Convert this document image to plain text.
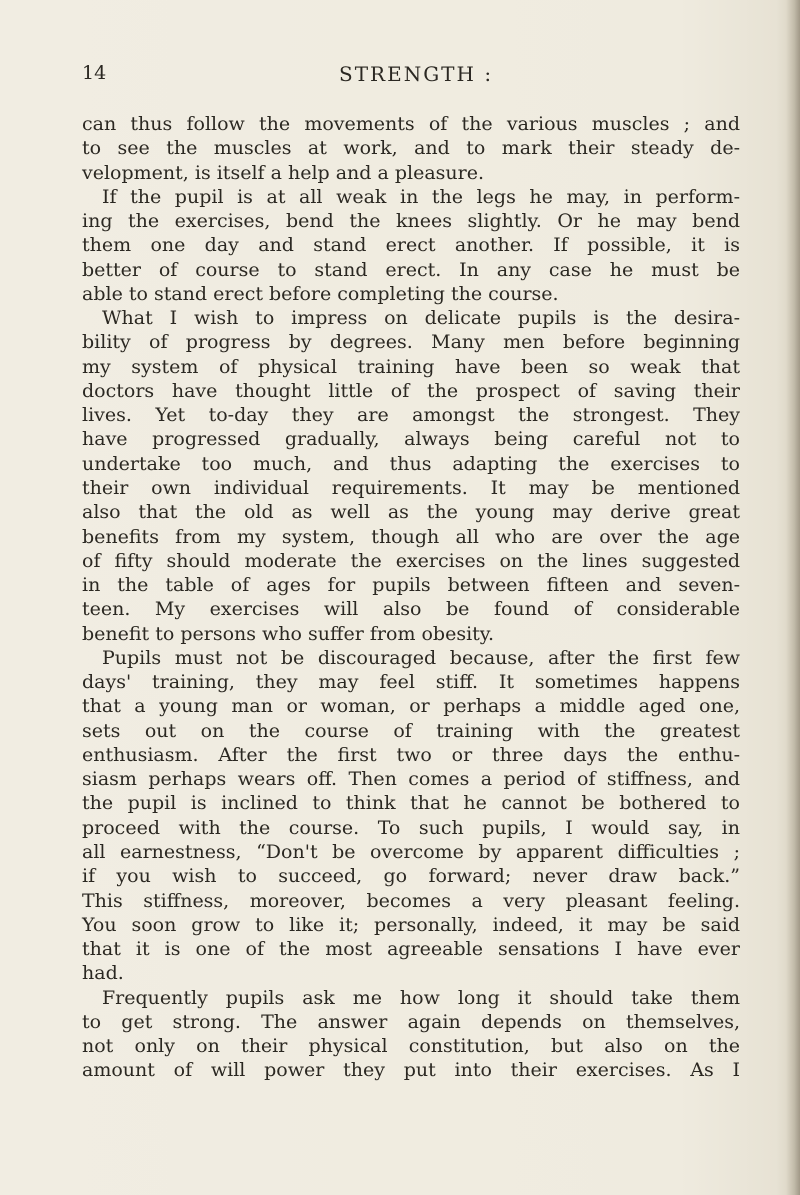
14	STRENGTH :
can thus follow the movements of the various muscles ; and
to see the muscles at work, and to mark their steady de-
velopment, is itself a help and a pleasure.
If the pupil is at all weak in the legs he may, in perform-
ing the exercises, bend the knees slightly. Or he may bend
them one day and stand erect another. If possible, it is
better of course to stand erect. In any case he must be
able to stand erect before completing the course.
What I wish to impress on delicate pupils is the desira-
bility of progress by degrees. Many men before beginning
my system of physical training have been so weak that
doctors have thought little of the prospect of saving their
lives. Yet to-day they are amongst the strongest. They
have progressed gradually, always being careful not to
undertake too much, and thus adapting the exercises to
their own individual requirements. It may be mentioned
also that the old as well as the young may derive great
benefits from my system, though all who are over the age
of fifty should moderate the exercises on the lines suggested
in the table of ages for pupils between fifteen and seven-
teen. My exercises will also be found of considerable
benefit to persons who suffer from obesity.
Pupils must not be discouraged because, after the first few
days' training, they may feel stiff. It sometimes happens
that a young man or woman, or perhaps a middle aged one,
sets out on the course of training with the greatest
enthusiasm. After the first two or three days the enthu-
siasm perhaps wears off. Then comes a period of stiffness, and
the pupil is inclined to think that he cannot be bothered to
proceed with the course. To such pupils, I would say, in
all earnestness, “Don't be overcome by apparent difficulties ;
if you wish to succeed, go forward; never draw back.”
This stiffness, moreover, becomes a very pleasant feeling.
You soon grow to like it; personally, indeed, it may be said
that it is one of the most agreeable sensations I have ever
had.
Frequently pupils ask me how long it should take them
to get strong. The answer again depends on themselves,
not only on their physical constitution, but also on the
amount of will power they put into their exercises. As I
